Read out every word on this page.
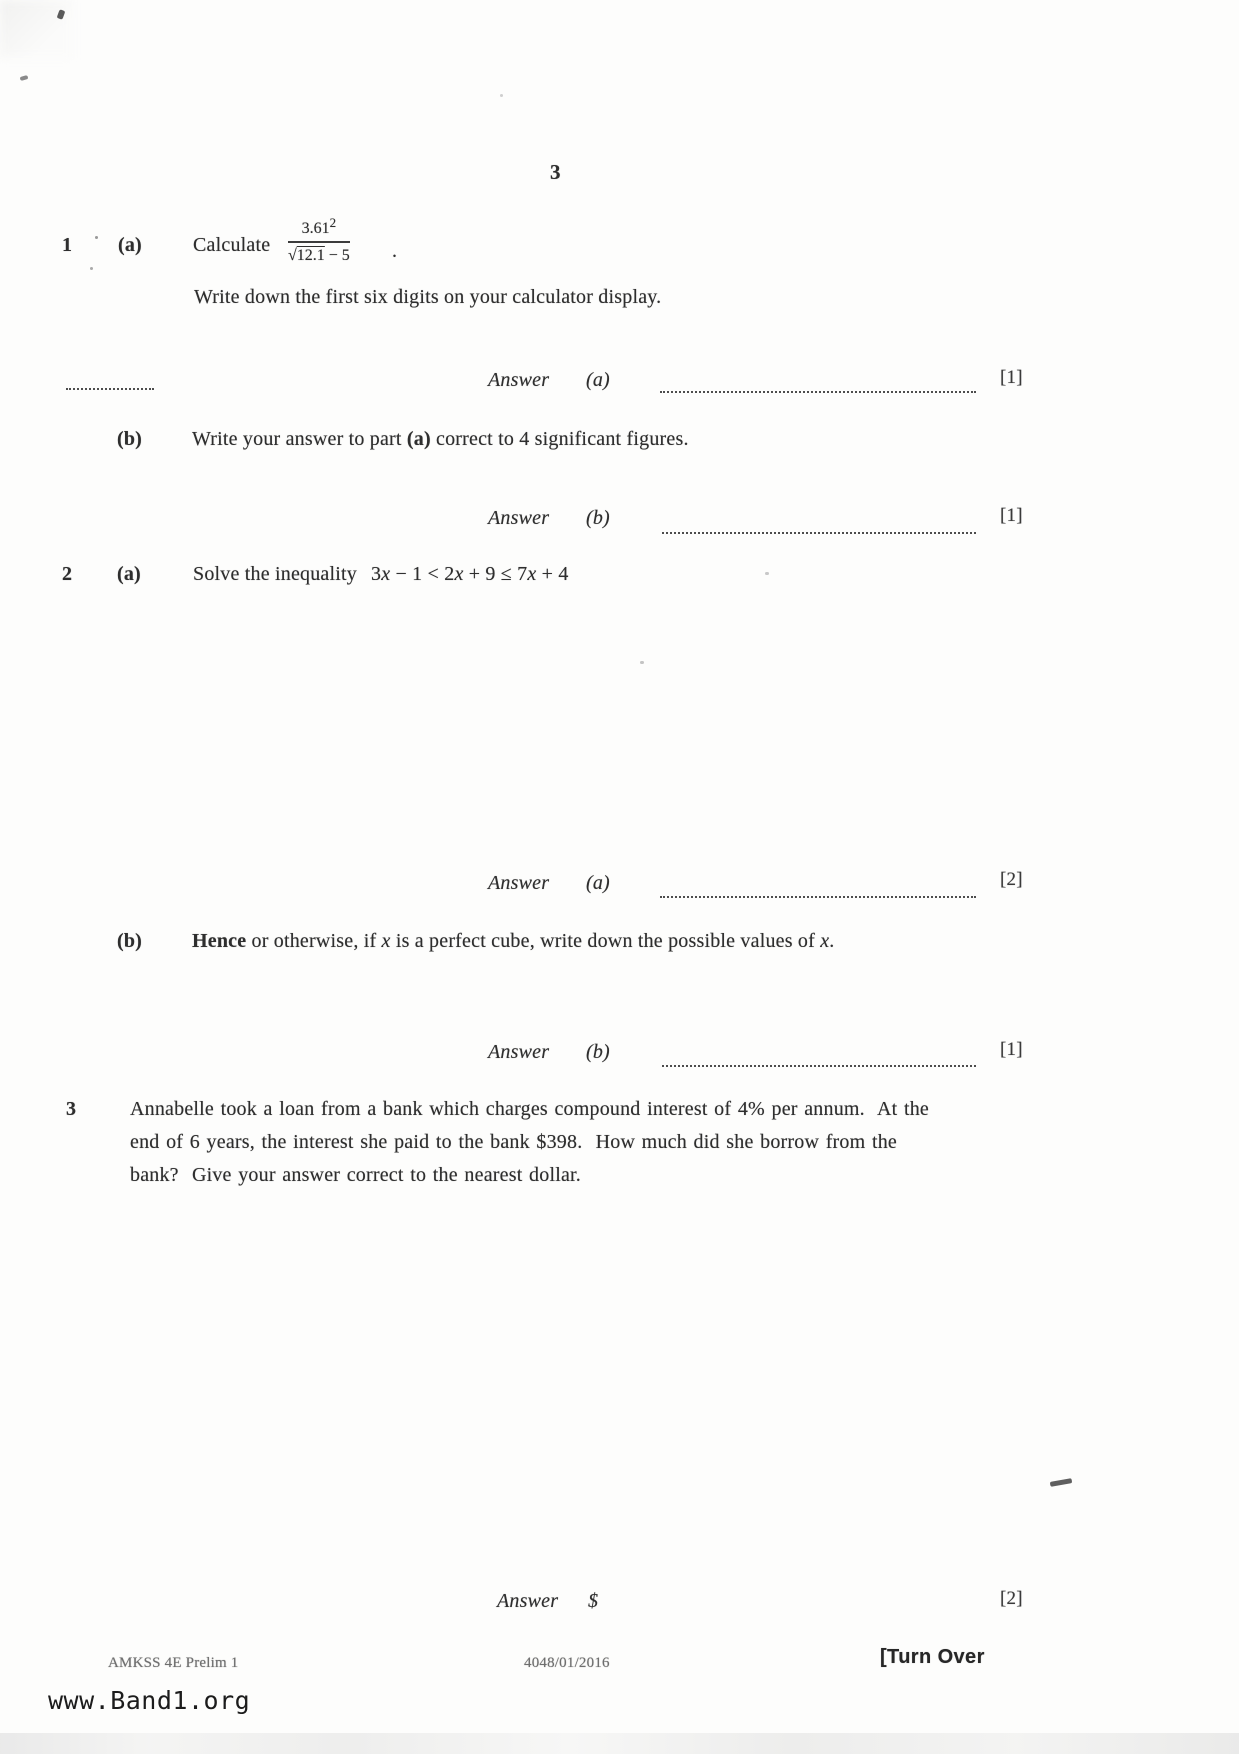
3
1 (a)	Calculate $\frac{3.61^2}{√12.1 - 5}$ .
Write down the first six digits on your calculator display.
Answer (a)	[1]
(b) Write your answer to part (a) correct to 4 significant figures.
Answer (b)	[1]
2 (a)	Solve the inequality 3x − 1 < 2x + 9 ≤ 7x + 4
Answer (a)	[2]
(b) Hence or otherwise, if x is a perfect cube, write down the possible values of x.
Answer (b)	[1]
3	Annabelle took a loan from a bank which charges compound interest of 4% per annum.  At the
end of 6 years, the interest she paid to the bank $398.  How much did she borrow from the
bank?  Give your answer correct to the nearest dollar.
Answer $	[2]
AMKSS 4E Prelim 1	4048/01/2016	[Turn Over
www.Band1.org
